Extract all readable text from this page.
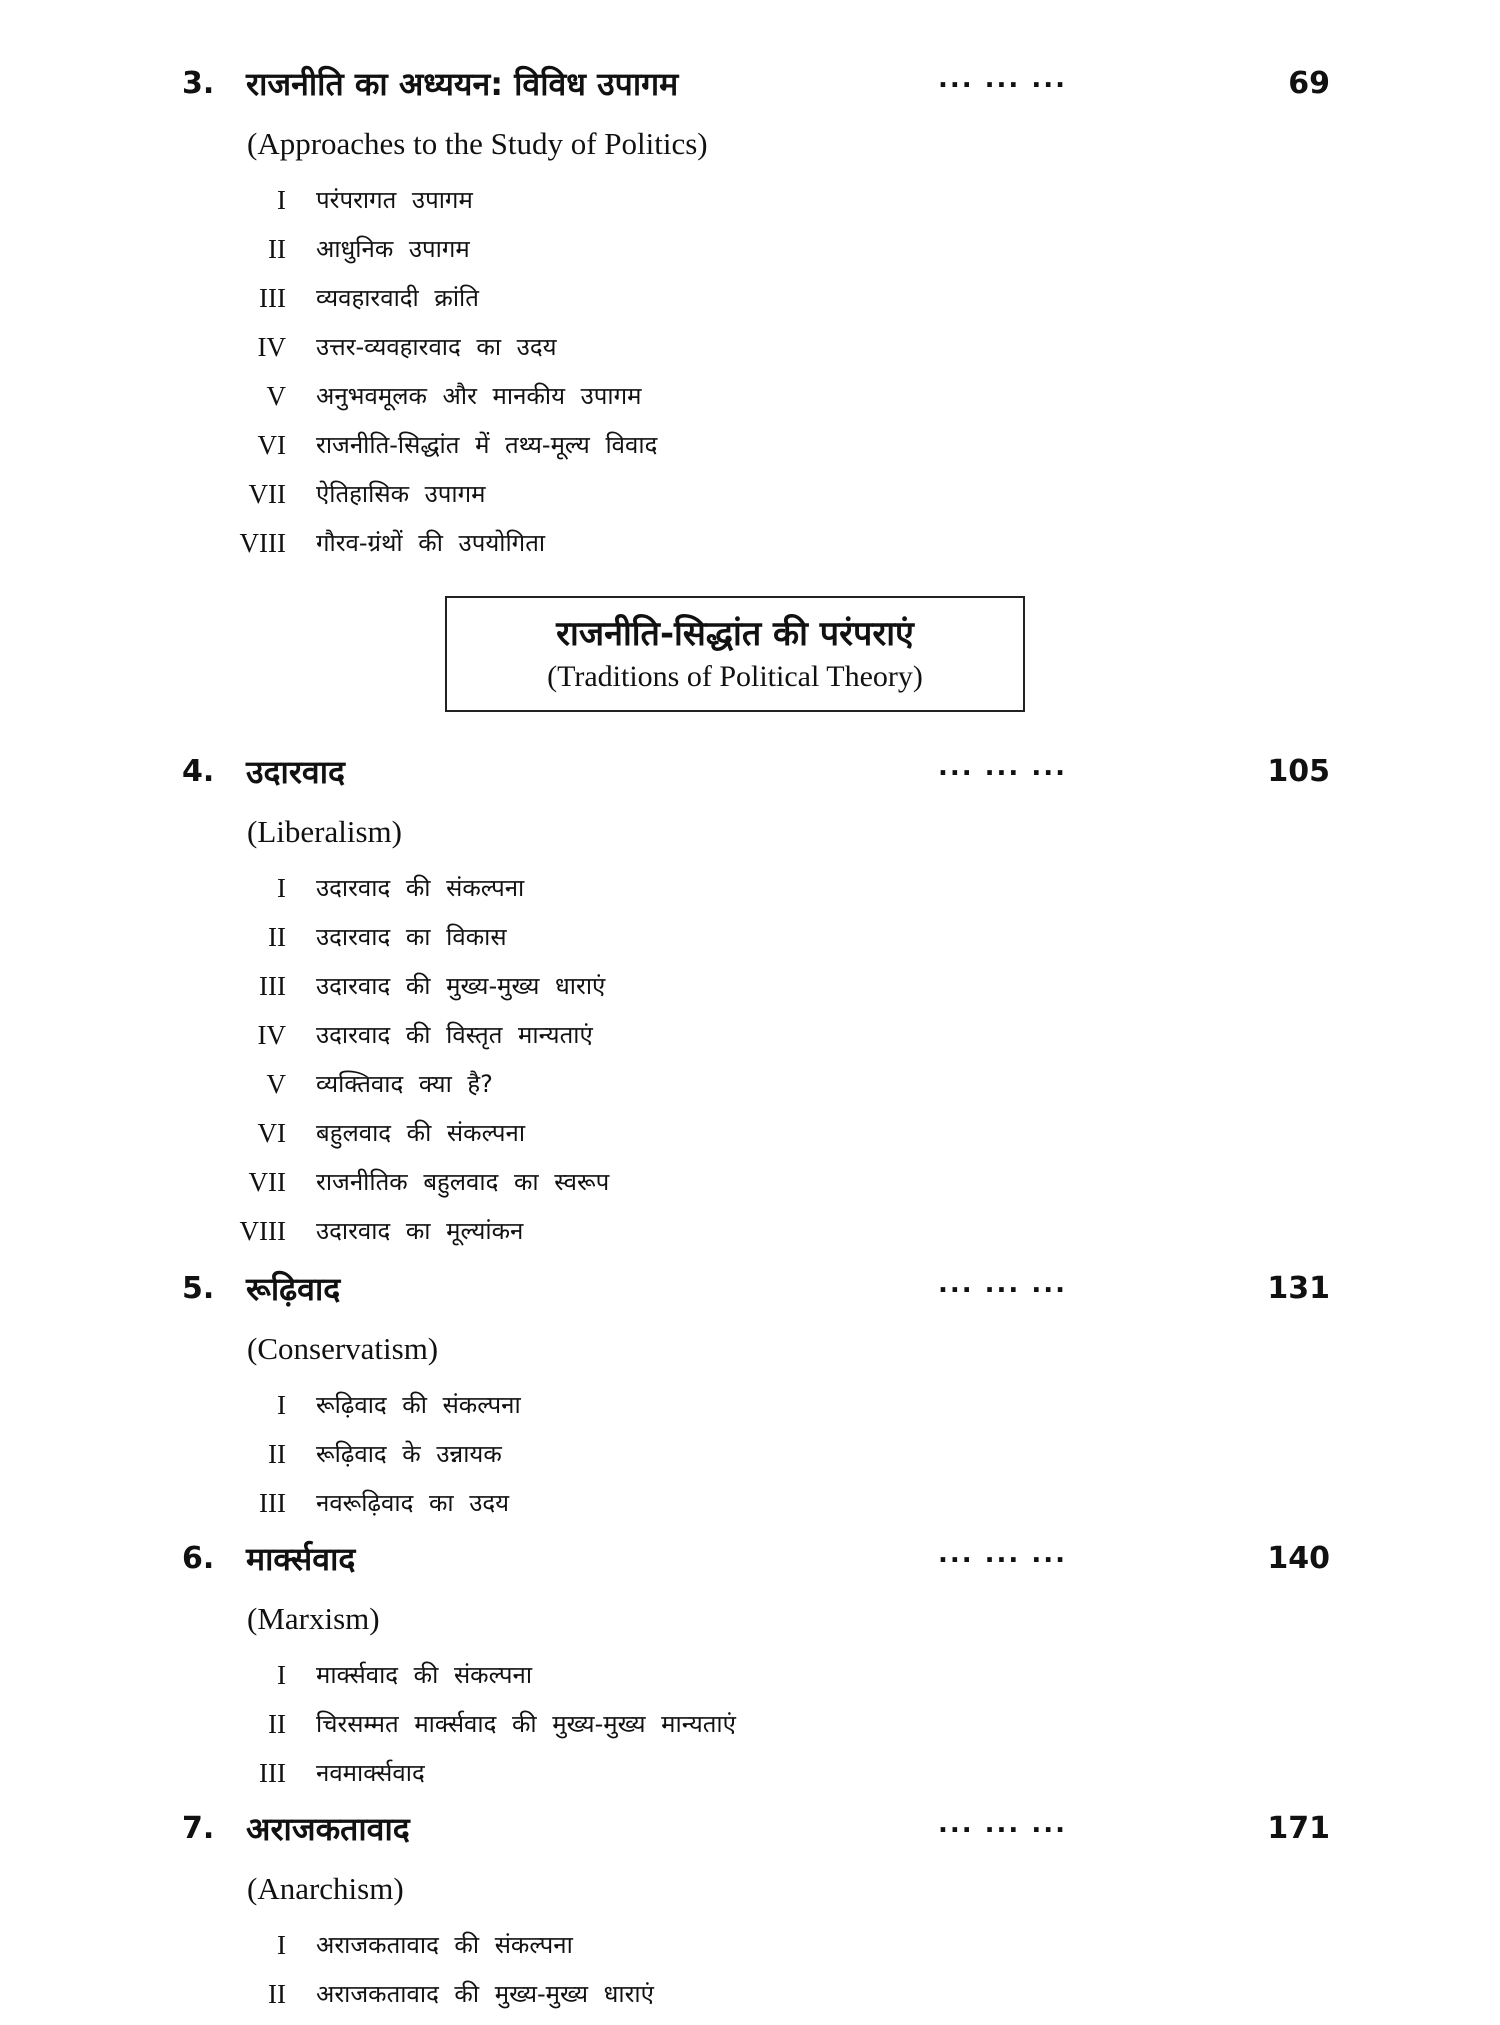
3. राजनीति का अध्ययन: विविध उपागम	... ... ...	69
(Approaches to the Study of Politics)
I परंपरागत उपागम
II आधुनिक उपागम
III व्यवहारवादी क्रांति
IV उत्तर-व्यवहारवाद का उदय
V अनुभवमूलक और मानकीय उपागम
VI राजनीति-सिद्धांत में तथ्य-मूल्य विवाद
VII ऐतिहासिक उपागम
VIII गौरव-ग्रंथों की उपयोगिता
राजनीति-सिद्धांत की परंपराएं
(Traditions of Political Theory)
4. उदारवाद	... ... ...	105
(Liberalism)
I उदारवाद की संकल्पना
II उदारवाद का विकास
III उदारवाद की मुख्य-मुख्य धाराएं
IV उदारवाद की विस्तृत मान्यताएं
V व्यक्तिवाद क्या है?
VI बहुलवाद की संकल्पना
VII राजनीतिक बहुलवाद का स्वरूप
VIII उदारवाद का मूल्यांकन
5. रूढ़िवाद	... ... ...	131
(Conservatism)
I रूढ़िवाद की संकल्पना
II रूढ़िवाद के उन्नायक
III नवरूढ़िवाद का उदय
6. मार्क्सवाद	... ... ...	140
(Marxism)
I मार्क्सवाद की संकल्पना
II चिरसम्मत मार्क्सवाद की मुख्य-मुख्य मान्यताएं
III नवमार्क्सवाद
7. अराजकतावाद	... ... ...	171
(Anarchism)
I अराजकतावाद की संकल्पना
II अराजकतावाद की मुख्य-मुख्य धाराएं
